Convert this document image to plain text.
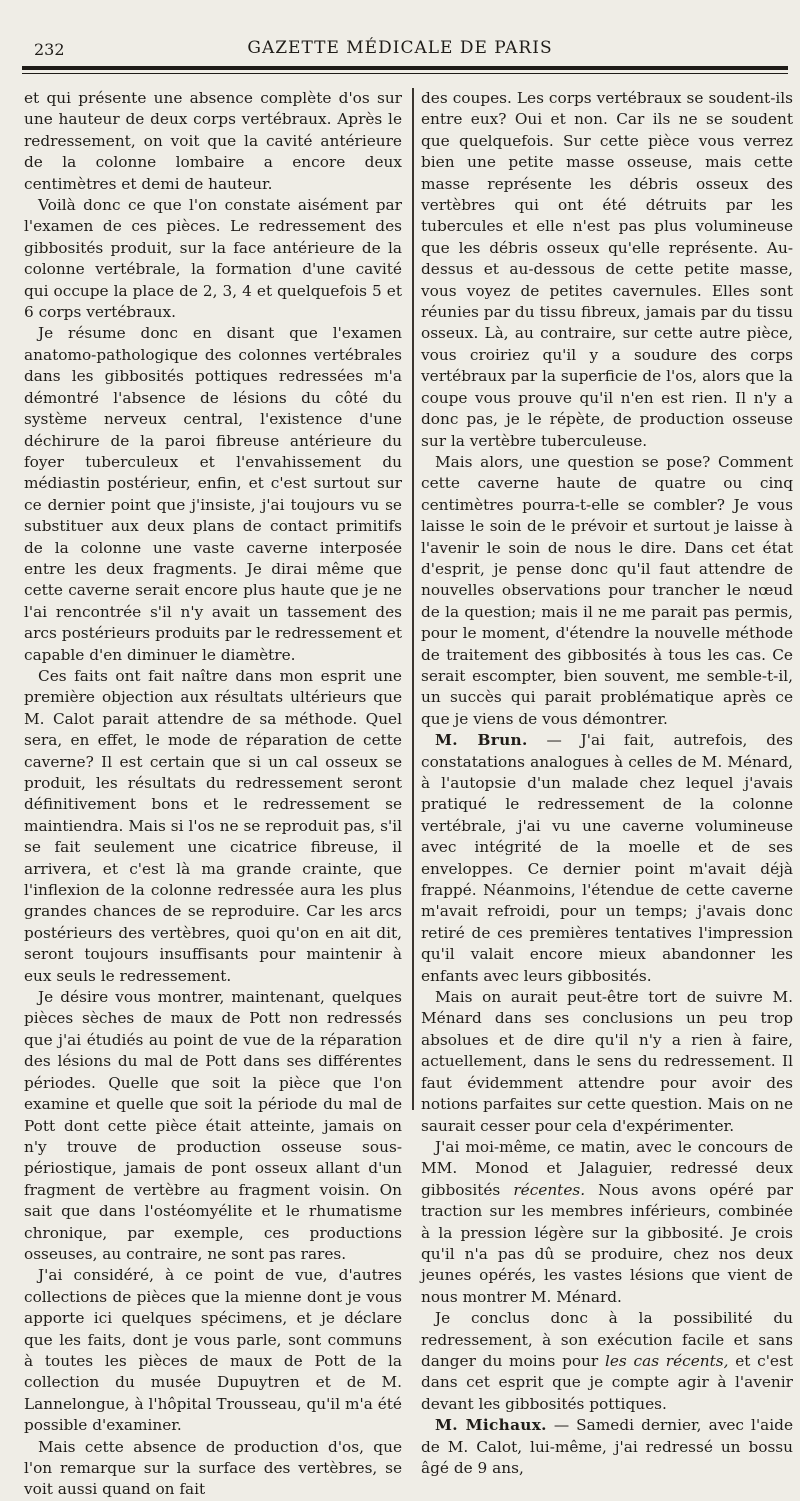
232	GAZETTE MÉDICALE DE PARIS

et qui présente une absence complète d'os sur une hauteur de deux corps vertébraux. Après le redressement, on voit que la cavité antérieure de la colonne lombaire a encore deux centimètres et demi de hauteur.

Voilà donc ce que l'on constate aisément par l'examen de ces pièces. Le redressement des gibbosités produit, sur la face antérieure de la colonne vertébrale, la formation d'une cavité qui occupe la place de 2, 3, 4 et quelquefois 5 et 6 corps vertébraux.

Je résume donc en disant que l'examen anatomo-pathologique des colonnes vertébrales dans les gibbosités pottiques redressées m'a démontré l'absence de lésions du côté du système nerveux central, l'existence d'une déchirure de la paroi fibreuse antérieure du foyer tuberculeux et l'envahissement du médiastin postérieur, enfin, et c'est surtout sur ce dernier point que j'insiste, j'ai toujours vu se substituer aux deux plans de contact primitifs de la colonne une vaste caverne interposée entre les deux fragments. Je dirai même que cette caverne serait encore plus haute que je ne l'ai rencontrée s'il n'y avait un tassement des arcs postérieurs produits par le redressement et capable d'en diminuer le diamètre.

Ces faits ont fait naître dans mon esprit une première objection aux résultats ultérieurs que M. Calot parait attendre de sa méthode. Quel sera, en effet, le mode de réparation de cette caverne? Il est certain que si un cal osseux se produit, les résultats du redressement seront définitivement bons et le redressement se maintiendra. Mais si l'os ne se reproduit pas, s'il se fait seulement une cicatrice fibreuse, il arrivera, et c'est là ma grande crainte, que l'inflexion de la colonne redressée aura les plus grandes chances de se reproduire. Car les arcs postérieurs des vertèbres, quoi qu'on en ait dit, seront toujours insuffisants pour maintenir à eux seuls le redressement.

Je désire vous montrer, maintenant, quelques pièces sèches de maux de Pott non redressés que j'ai étudiés au point de vue de la réparation des lésions du mal de Pott dans ses différentes périodes. Quelle que soit la pièce que l'on examine et quelle que soit la période du mal de Pott dont cette pièce était atteinte, jamais on n'y trouve de production osseuse sous-périostique, jamais de pont osseux allant d'un fragment de vertèbre au fragment voisin. On sait que dans l'ostéomyélite et le rhumatisme chronique, par exemple, ces productions osseuses, au contraire, ne sont pas rares.

J'ai considéré, à ce point de vue, d'autres collections de pièces que la mienne dont je vous apporte ici quelques spécimens, et je déclare que les faits, dont je vous parle, sont communs à toutes les pièces de maux de Pott de la collection du musée Dupuytren et de M. Lannelongue, à l'hôpital Trousseau, qu'il m'a été possible d'examiner.

Mais cette absence de production d'os, que l'on remarque sur la surface des vertèbres, se voit aussi quand on fait

des coupes. Les corps vertébraux se soudent-ils entre eux? Oui et non. Car ils ne se soudent que quelquefois. Sur cette pièce vous verrez bien une petite masse osseuse, mais cette masse représente les débris osseux des vertèbres qui ont été détruits par les tubercules et elle n'est pas plus volumineuse que les débris osseux qu'elle représente. Au-dessus et au-dessous de cette petite masse, vous voyez de petites cavernules. Elles sont réunies par du tissu fibreux, jamais par du tissu osseux. Là, au contraire, sur cette autre pièce, vous croiriez qu'il y a soudure des corps vertébraux par la superficie de l'os, alors que la coupe vous prouve qu'il n'en est rien. Il n'y a donc pas, je le répète, de production osseuse sur la vertèbre tuberculeuse.

Mais alors, une question se pose? Comment cette caverne haute de quatre ou cinq centimètres pourra-t-elle se combler? Je vous laisse le soin de le prévoir et surtout je laisse à l'avenir le soin de nous le dire. Dans cet état d'esprit, je pense donc qu'il faut attendre de nouvelles observations pour trancher le nœud de la question; mais il ne me parait pas permis, pour le moment, d'étendre la nouvelle méthode de traitement des gibbosités à tous les cas. Ce serait escompter, bien souvent, me semble-t-il, un succès qui parait problématique après ce que je viens de vous démontrer.

M. Brun. — J'ai fait, autrefois, des constatations analogues à celles de M. Ménard, à l'autopsie d'un malade chez lequel j'avais pratiqué le redressement de la colonne vertébrale, j'ai vu une caverne volumineuse avec intégrité de la moelle et de ses enveloppes. Ce dernier point m'avait déjà frappé. Néanmoins, l'étendue de cette caverne m'avait refroidi, pour un temps; j'avais donc retiré de ces premières tentatives l'impression qu'il valait encore mieux abandonner les enfants avec leurs gibbosités.

Mais on aurait peut-être tort de suivre M. Ménard dans ses conclusions un peu trop absolues et de dire qu'il n'y a rien à faire, actuellement, dans le sens du redressement. Il faut évidemment attendre pour avoir des notions parfaites sur cette question. Mais on ne saurait cesser pour cela d'expérimenter.

J'ai moi-même, ce matin, avec le concours de MM. Monod et Jalaguier, redressé deux gibbosités récentes. Nous avons opéré par traction sur les membres inférieurs, combinée à la pression légère sur la gibbosité. Je crois qu'il n'a pas dû se produire, chez nos deux jeunes opérés, les vastes lésions que vient de nous montrer M. Ménard.

Je conclus donc à la possibilité du redressement, à son exécution facile et sans danger du moins pour les cas récents, et c'est dans cet esprit que je compte agir à l'avenir devant les gibbosités pottiques.

M. Michaux. — Samedi dernier, avec l'aide de M. Calot, lui-même, j'ai redressé un bossu âgé de 9 ans,
